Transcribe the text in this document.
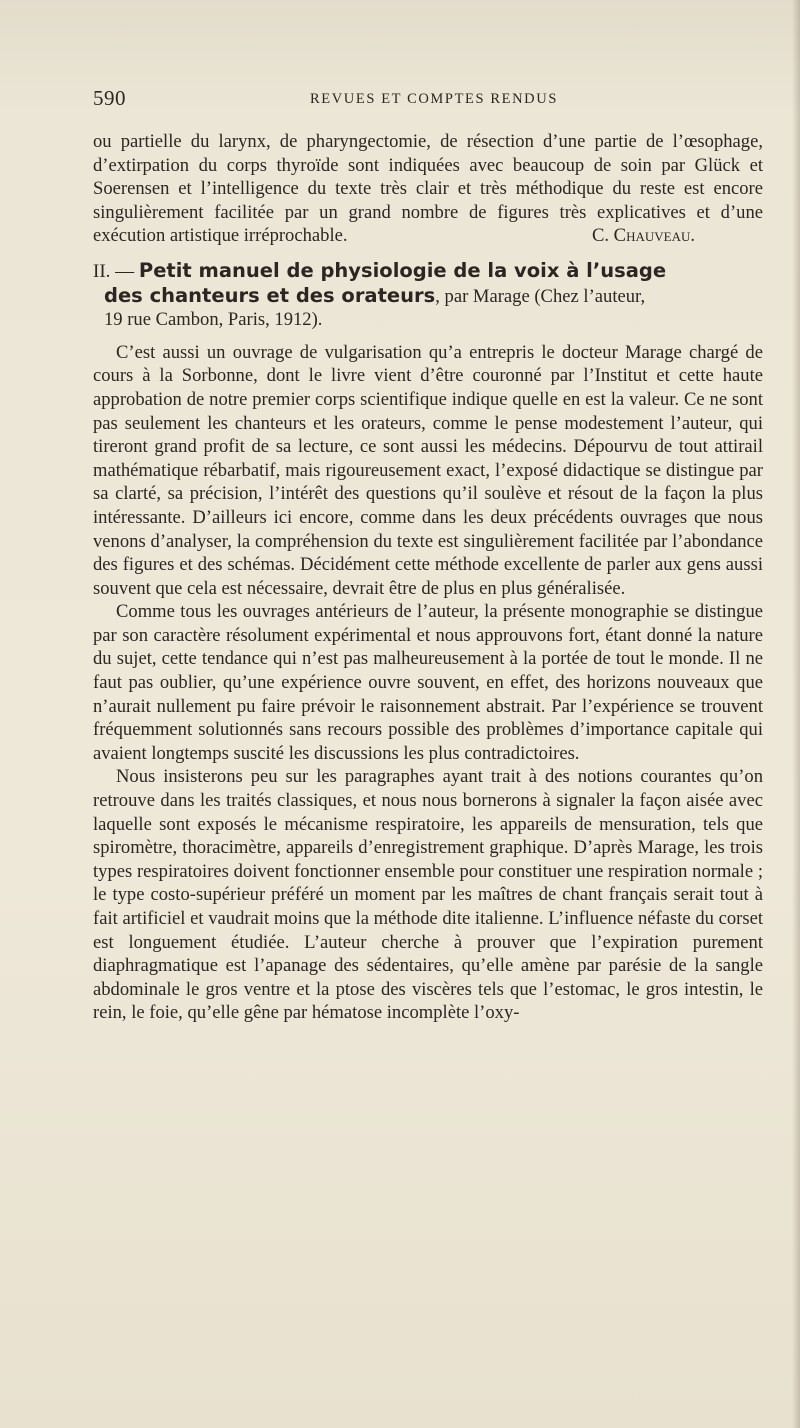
590	REVUES ET COMPTES RENDUS

ou partielle du larynx, de pharyngectomie, de résection d’une partie de l’œsophage, d’extirpation du corps thyroïde sont indiquées avec beaucoup de soin par Glück et Soerensen et l’intelligence du texte très clair et très méthodique du reste est encore singulièrement facilitée par un grand nombre de figures très explicatives et d’une exécution artistique irréprochable.	C. Chauveau.

II. — Petit manuel de physiologie de la voix à l’usage
des chanteurs et des orateurs, par Marage (Chez l’auteur,
19 rue Cambon, Paris, 1912).

C’est aussi un ouvrage de vulgarisation qu’a entrepris le docteur Marage chargé de cours à la Sorbonne, dont le livre vient d’être couronné par l’Institut et cette haute approbation de notre premier corps scientifique indique quelle en est la valeur. Ce ne sont pas seulement les chanteurs et les orateurs, comme le pense modestement l’auteur, qui tireront grand profit de sa lecture, ce sont aussi les médecins. Dépourvu de tout attirail mathématique rébarbatif, mais rigoureusement exact, l’exposé didactique se distingue par sa clarté, sa précision, l’intérêt des questions qu’il soulève et résout de la façon la plus intéressante. D’ailleurs ici encore, comme dans les deux précédents ouvrages que nous venons d’analyser, la compréhension du texte est singulièrement facilitée par l’abondance des figures et des schémas. Décidément cette méthode excellente de parler aux gens aussi souvent que cela est nécessaire, devrait être de plus en plus généralisée.

Comme tous les ouvrages antérieurs de l’auteur, la présente monographie se distingue par son caractère résolument expérimental et nous approuvons fort, étant donné la nature du sujet, cette tendance qui n’est pas malheureusement à la portée de tout le monde. Il ne faut pas oublier, qu’une expérience ouvre souvent, en effet, des horizons nouveaux que n’aurait nullement pu faire prévoir le raisonnement abstrait. Par l’expérience se trouvent fréquemment solutionnés sans recours possible des problèmes d’importance capitale qui avaient longtemps suscité les discussions les plus contradictoires.

Nous insisterons peu sur les paragraphes ayant trait à des notions courantes qu’on retrouve dans les traités classiques, et nous nous bornerons à signaler la façon aisée avec laquelle sont exposés le mécanisme respiratoire, les appareils de mensuration, tels que spiromètre, thoracimètre, appareils d’enregistrement graphique. D’après Marage, les trois types respiratoires doivent fonctionner ensemble pour constituer une respiration normale ; le type costo-supérieur préféré un moment par les maîtres de chant français serait tout à fait artificiel et vaudrait moins que la méthode dite italienne. L’influence néfaste du corset est longuement étudiée. L’auteur cherche à prouver que l’expiration purement diaphragmatique est l’apanage des sédentaires, qu’elle amène par parésie de la sangle abdominale le gros ventre et la ptose des viscères tels que l’estomac, le gros intestin, le rein, le foie, qu’elle gêne par hématose incomplète l’oxy-
